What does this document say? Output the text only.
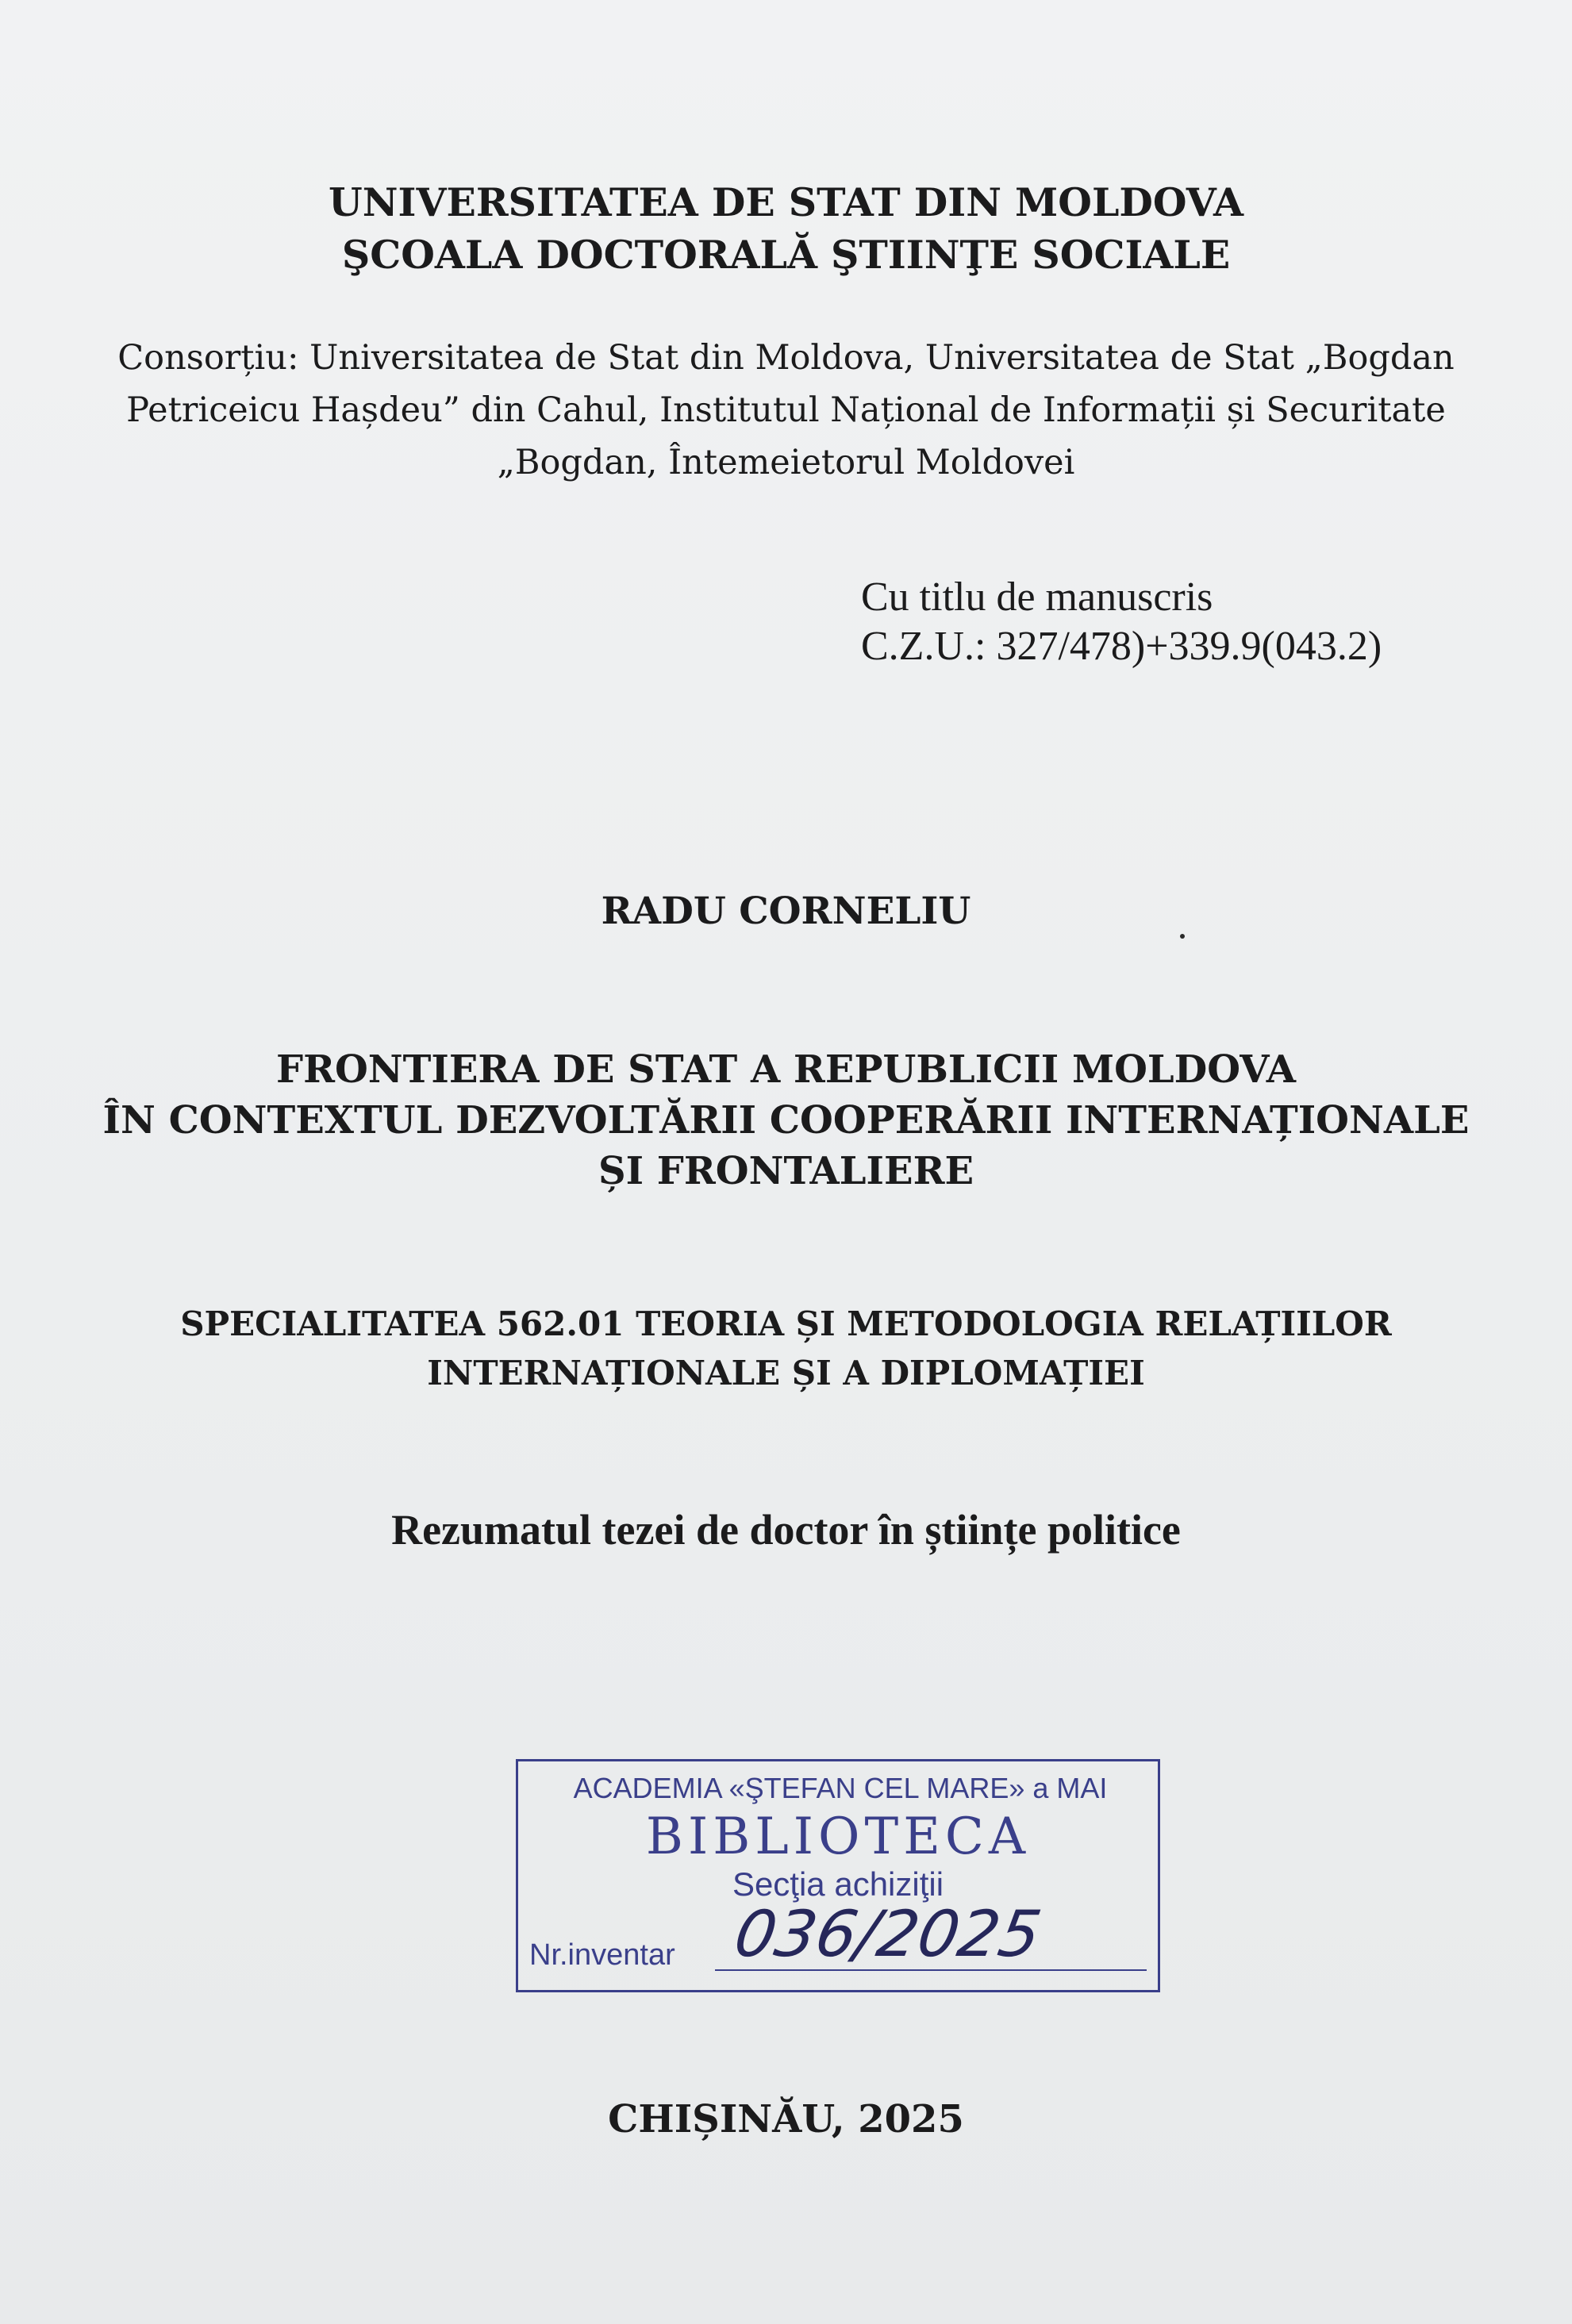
UNIVERSITATEA DE STAT DIN MOLDOVA
ŞCOALA DOCTORALĂ ŞTIINŢE SOCIALE
Consorțiu: Universitatea de Stat din Moldova, Universitatea de Stat „Bogdan
Petriceicu Hașdeu” din Cahul, Institutul Național de Informații și Securitate
„Bogdan, Întemeietorul Moldovei
Cu titlu de manuscris
C.Z.U.: 327/478)+339.9(043.2)
RADU CORNELIU
FRONTIERA DE STAT A REPUBLICII MOLDOVA
ÎN CONTEXTUL DEZVOLTĂRII COOPERĂRII INTERNAȚIONALE
ȘI FRONTALIERE
SPECIALITATEA 562.01 TEORIA ȘI METODOLOGIA RELAȚIILOR
INTERNAȚIONALE ȘI A DIPLOMAȚIEI
Rezumatul tezei de doctor în științe politice
ACADEMIA «ŞTEFAN CEL MARE» a MAI
BIBLIOTECA
Secţia achiziţii
Nr.inventar 036/2025
CHIȘINĂU, 2025
